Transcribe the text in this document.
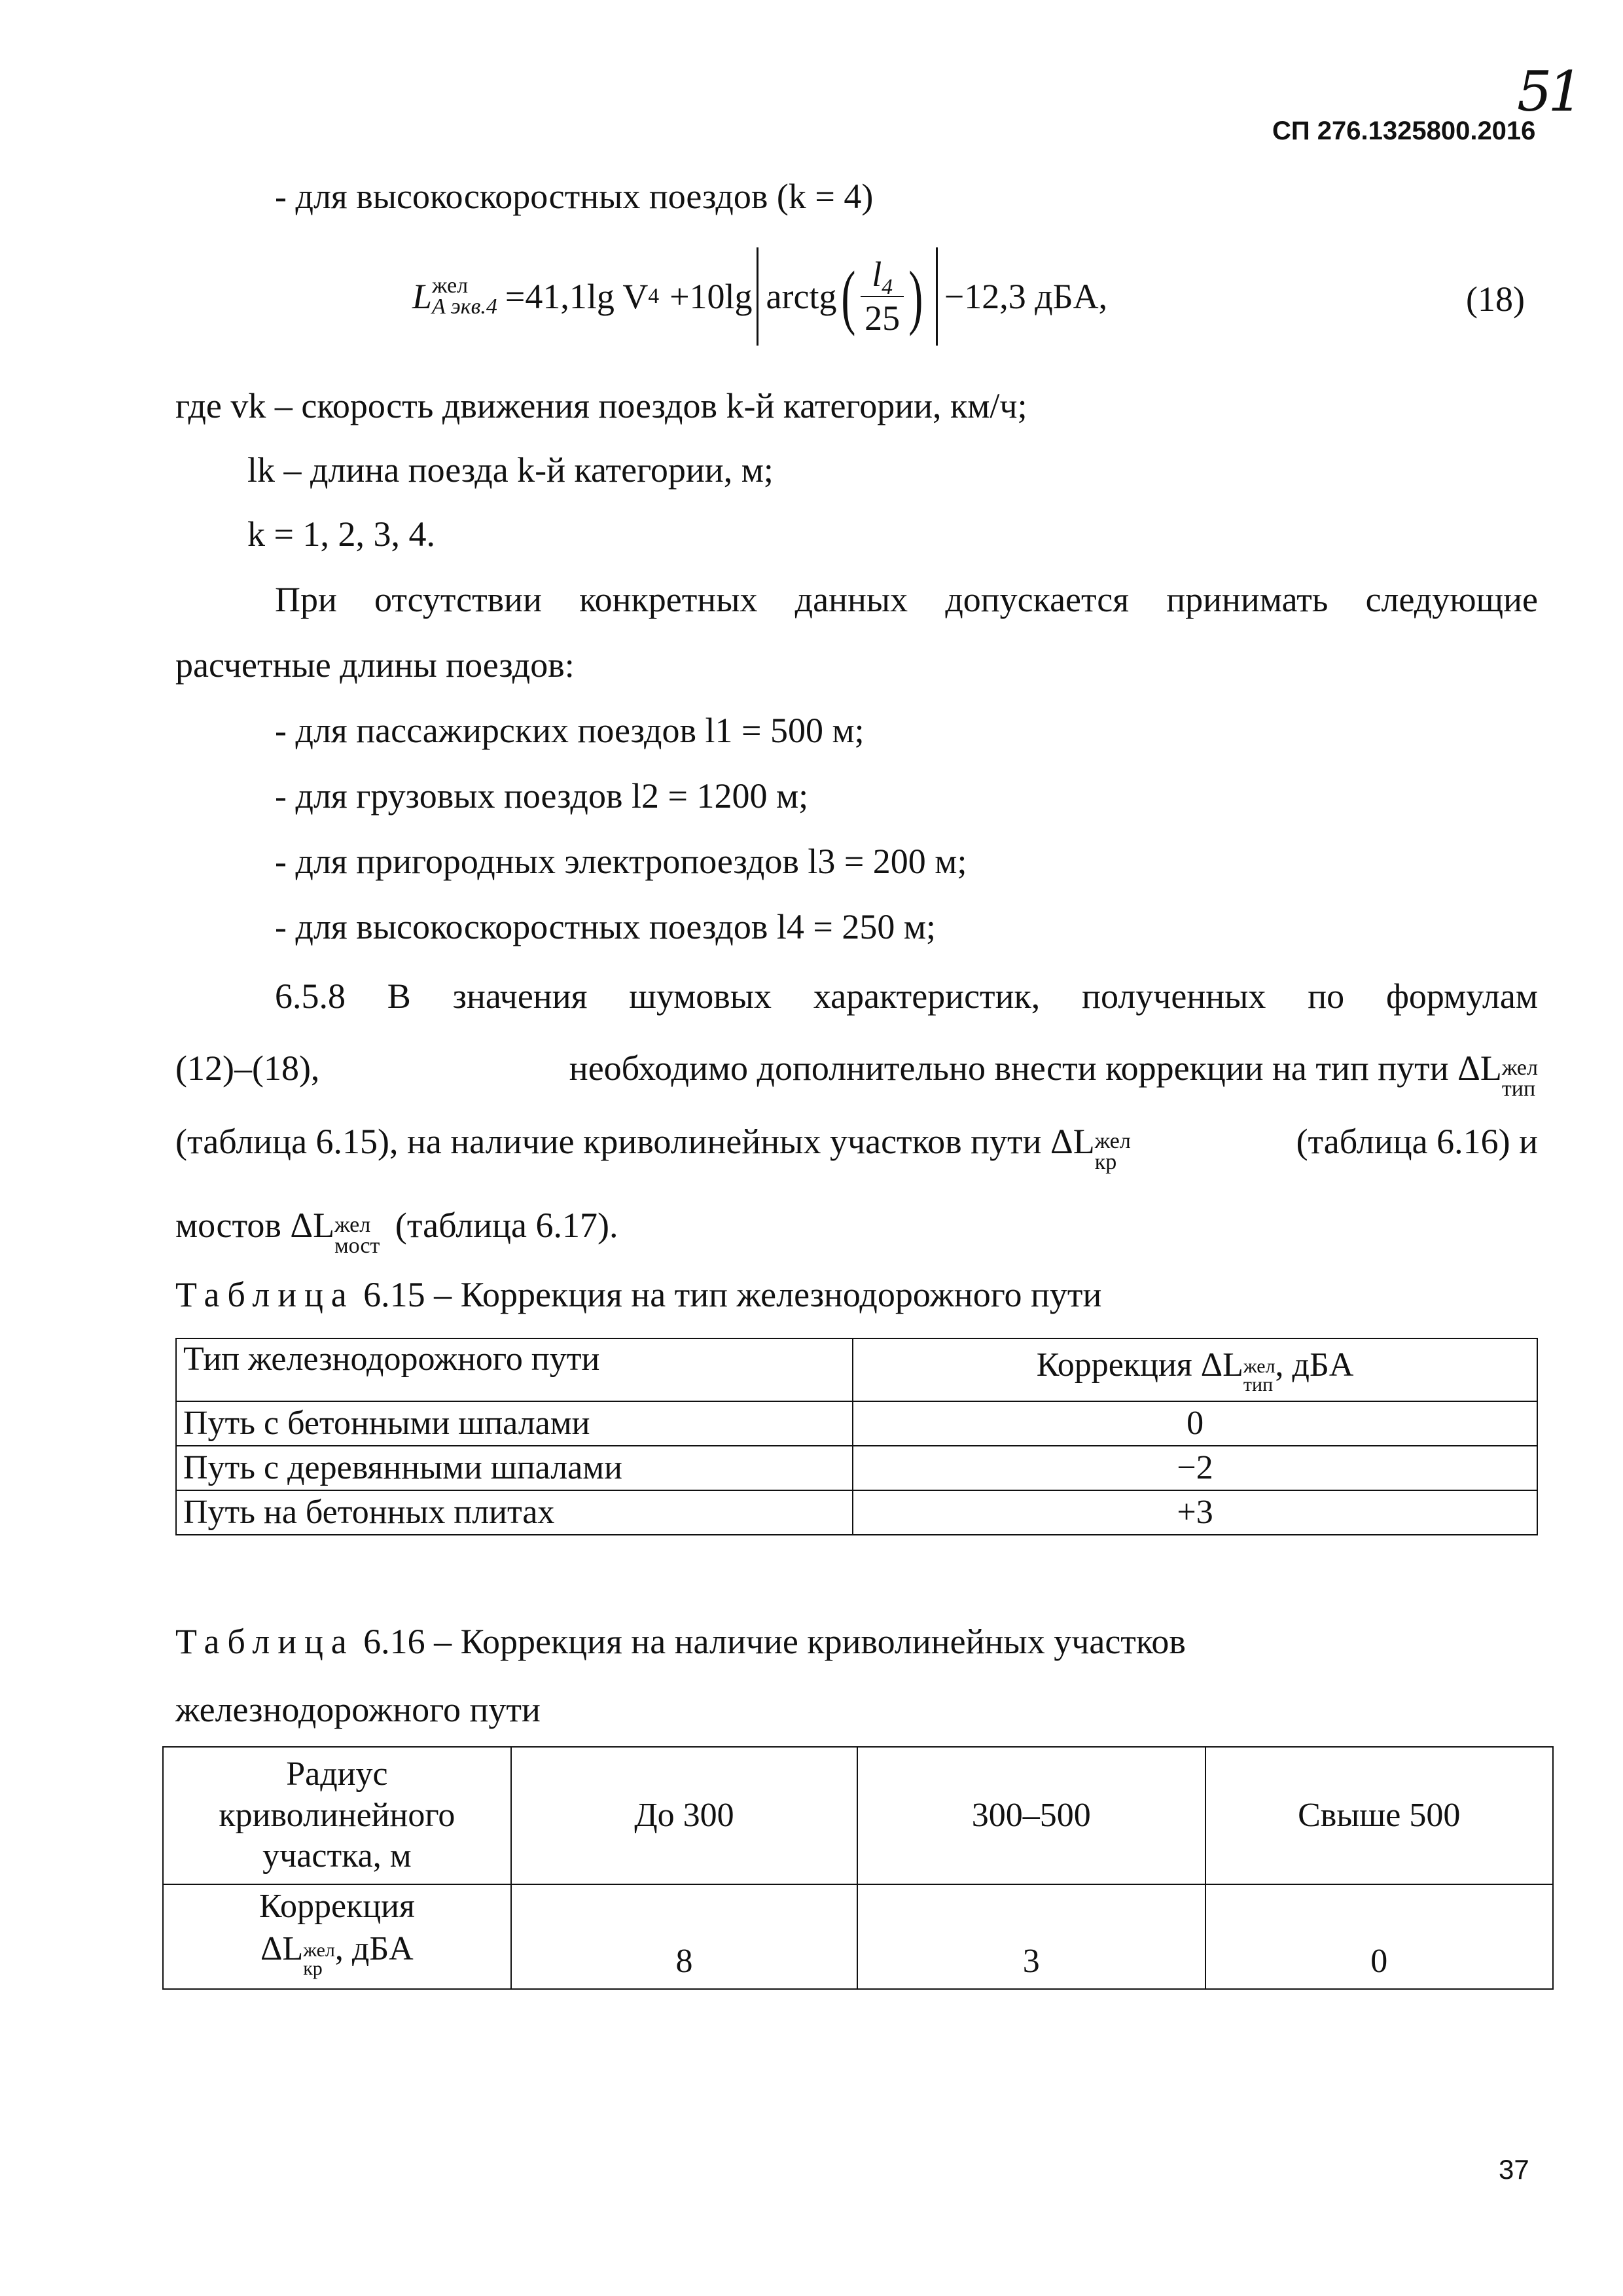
51
СП 276.1325800.2016
- для высокоскоростных поездов (k = 4)
L жел
A экв.4 =41,1lg V 4 +10lg arctg ( $\frac{l_4}{25}$ ) −12,3 дБA,	(18)
где vk – скорость движения поездов k-й категории, км/ч;
lk – длина поезда k-й категории, м;
k = 1, 2, 3, 4.
При отсутствии конкретных данных допускается принимать следующие
расчетные длины поездов:
- для пассажирских поездов l1 = 500 м;
- для грузовых поездов l2 = 1200 м;
- для пригородных электропоездов l3 = 200 м;
- для высокоскоростных поездов l4 = 250 м;
6.5.8 В значения шумовых характеристик, полученных по формулам
(12)–(18),	необходимо дополнительно внести коррекции на тип пути ΔL жел
тип
(таблица 6.15), на наличие криволинейных участков пути ΔL жел
кр
(таблица 6.16) и
мостов ΔL жел
мост
(таблица 6.17).
Таблица 6.15 – Коррекция на тип железнодорожного пути
Тип железнодорожного пути	Коррекция ΔL жел
тип
, дБA
Путь с бетонными шпалами	0
Путь с деревянными шпалами	−2
Путь на бетонных плитах	+3
Таблица 6.16 – Коррекция на наличие криволинейных участков
железнодорожного пути
Радиус
криволинейного
участка, м	До 300	300–500	Свыше 500

Коррекция
ΔL жел
кр
, дБA	8	3	0
37
